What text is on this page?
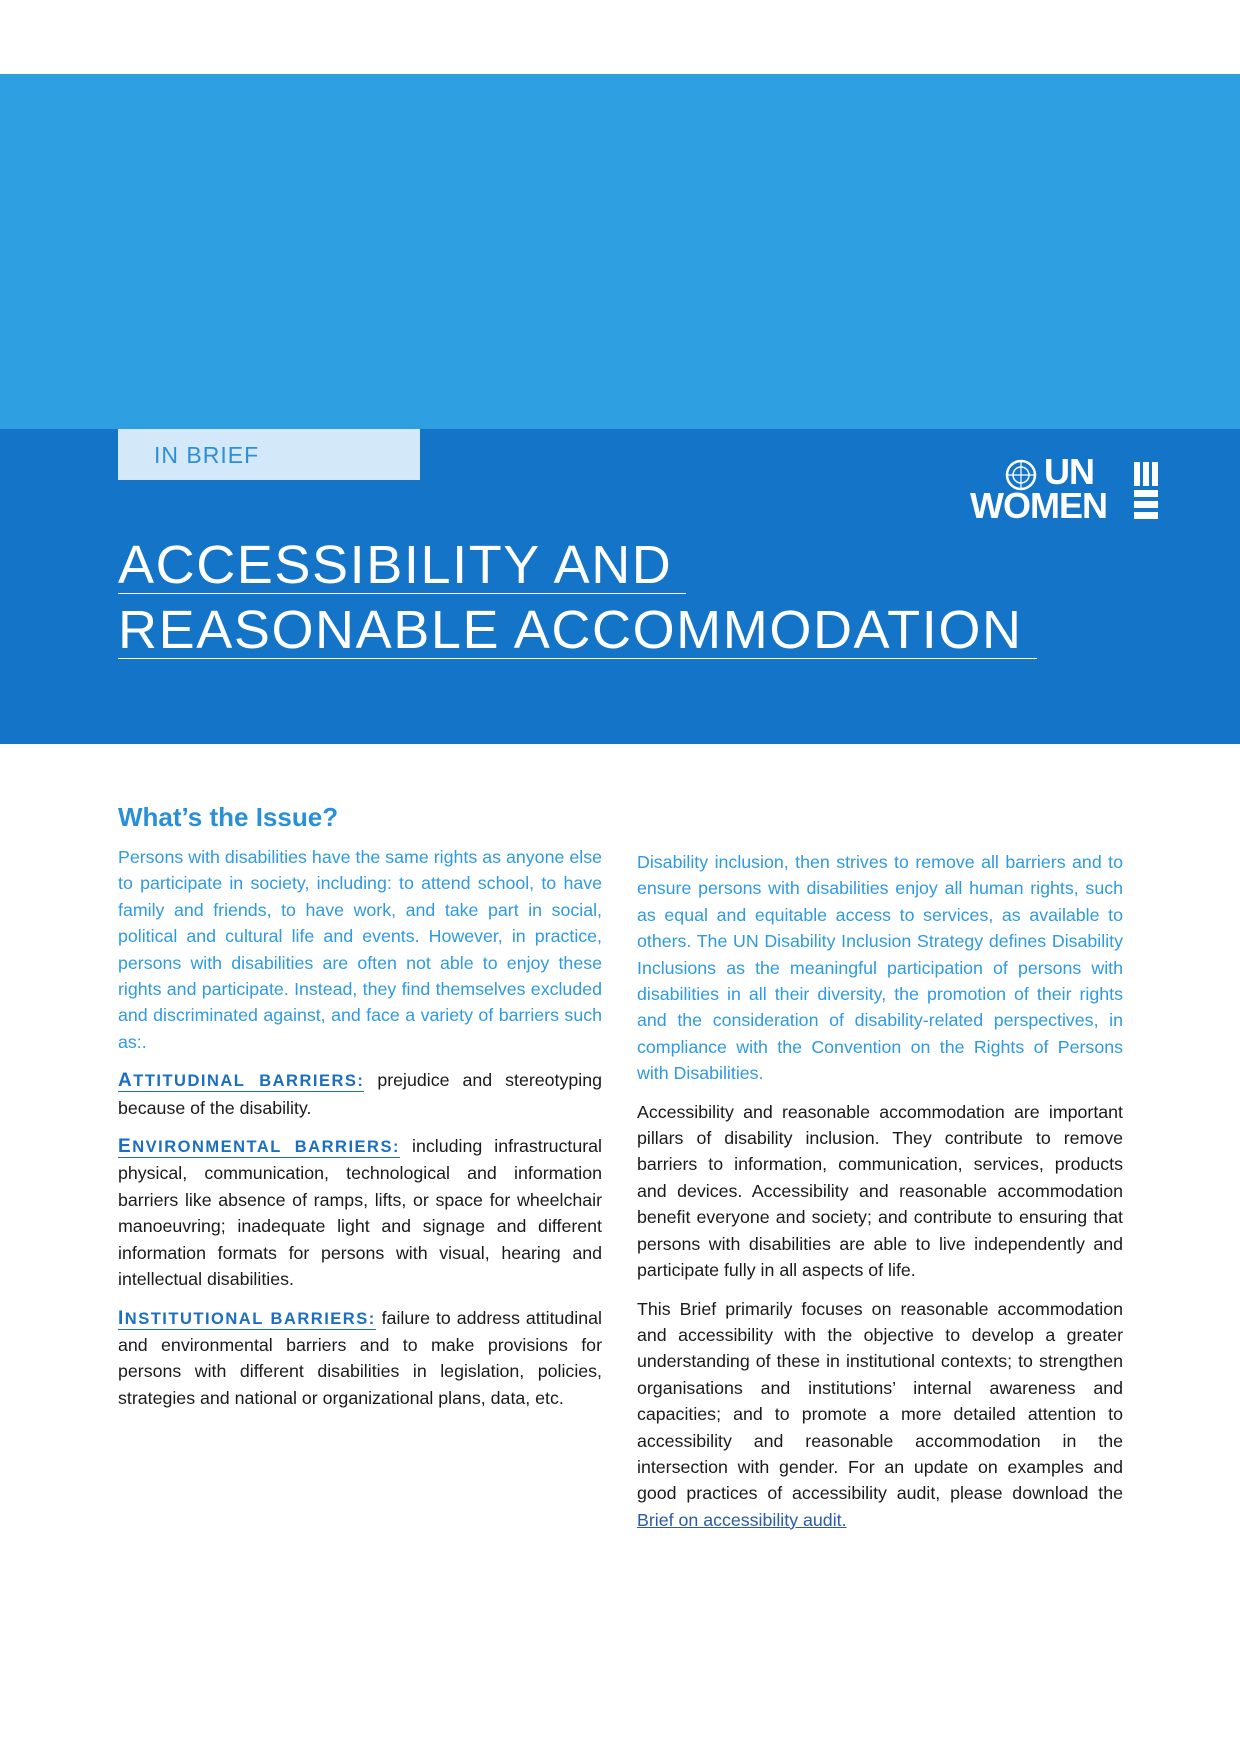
IN BRIEF	UN
WOMEN
ACCESSIBILITY AND
REASONABLE ACCOMMODATION
What’s the Issue?

Persons with disabilities have the same rights as anyone else to participate in society, including: to attend school, to have family and friends, to have work, and take part in social, political and cultural life and events. However, in practice, persons with disabilities are often not able to enjoy these rights and participate. Instead, they find themselves excluded and discriminated against, and face a variety of barriers such as:.

ATTITUDINAL BARRIERS: prejudice and stereotyping because of the disability.

ENVIRONMENTAL BARRIERS: including infrastructural physical, communication, technological and information barriers like absence of ramps, lifts, or space for wheelchair manoeuvring; inadequate light and signage and different information formats for persons with visual, hearing and intellectual disabilities.

INSTITUTIONAL BARRIERS: failure to address attitudinal and environmental barriers and to make provisions for persons with different disabilities in legislation, policies, strategies and national or organizational plans, data, etc.

Disability inclusion, then strives to remove all barriers and to ensure persons with disabilities enjoy all human rights, such as equal and equitable access to services, as available to others. The UN Disability Inclusion Strategy defines Disability Inclusions as the meaningful participation of persons with disabilities in all their diversity, the promotion of their rights and the consideration of disability-related perspectives, in compliance with the Convention on the Rights of Persons with Disabilities.

Accessibility and reasonable accommodation are important pillars of disability inclusion. They contribute to remove barriers to information, communication, services, products and devices. Accessibility and reasonable accommodation benefit everyone and society; and contribute to ensuring that persons with disabilities are able to live independently and participate fully in all aspects of life.

This Brief primarily focuses on reasonable accommodation and accessibility with the objective to develop a greater understanding of these in institutional contexts; to strengthen organisations and institutions’ internal awareness and capacities; and to promote a more detailed attention to accessibility and reasonable accommodation in the intersection with gender. For an update on examples and good practices of accessibility audit, please download the Brief on accessibility audit.
